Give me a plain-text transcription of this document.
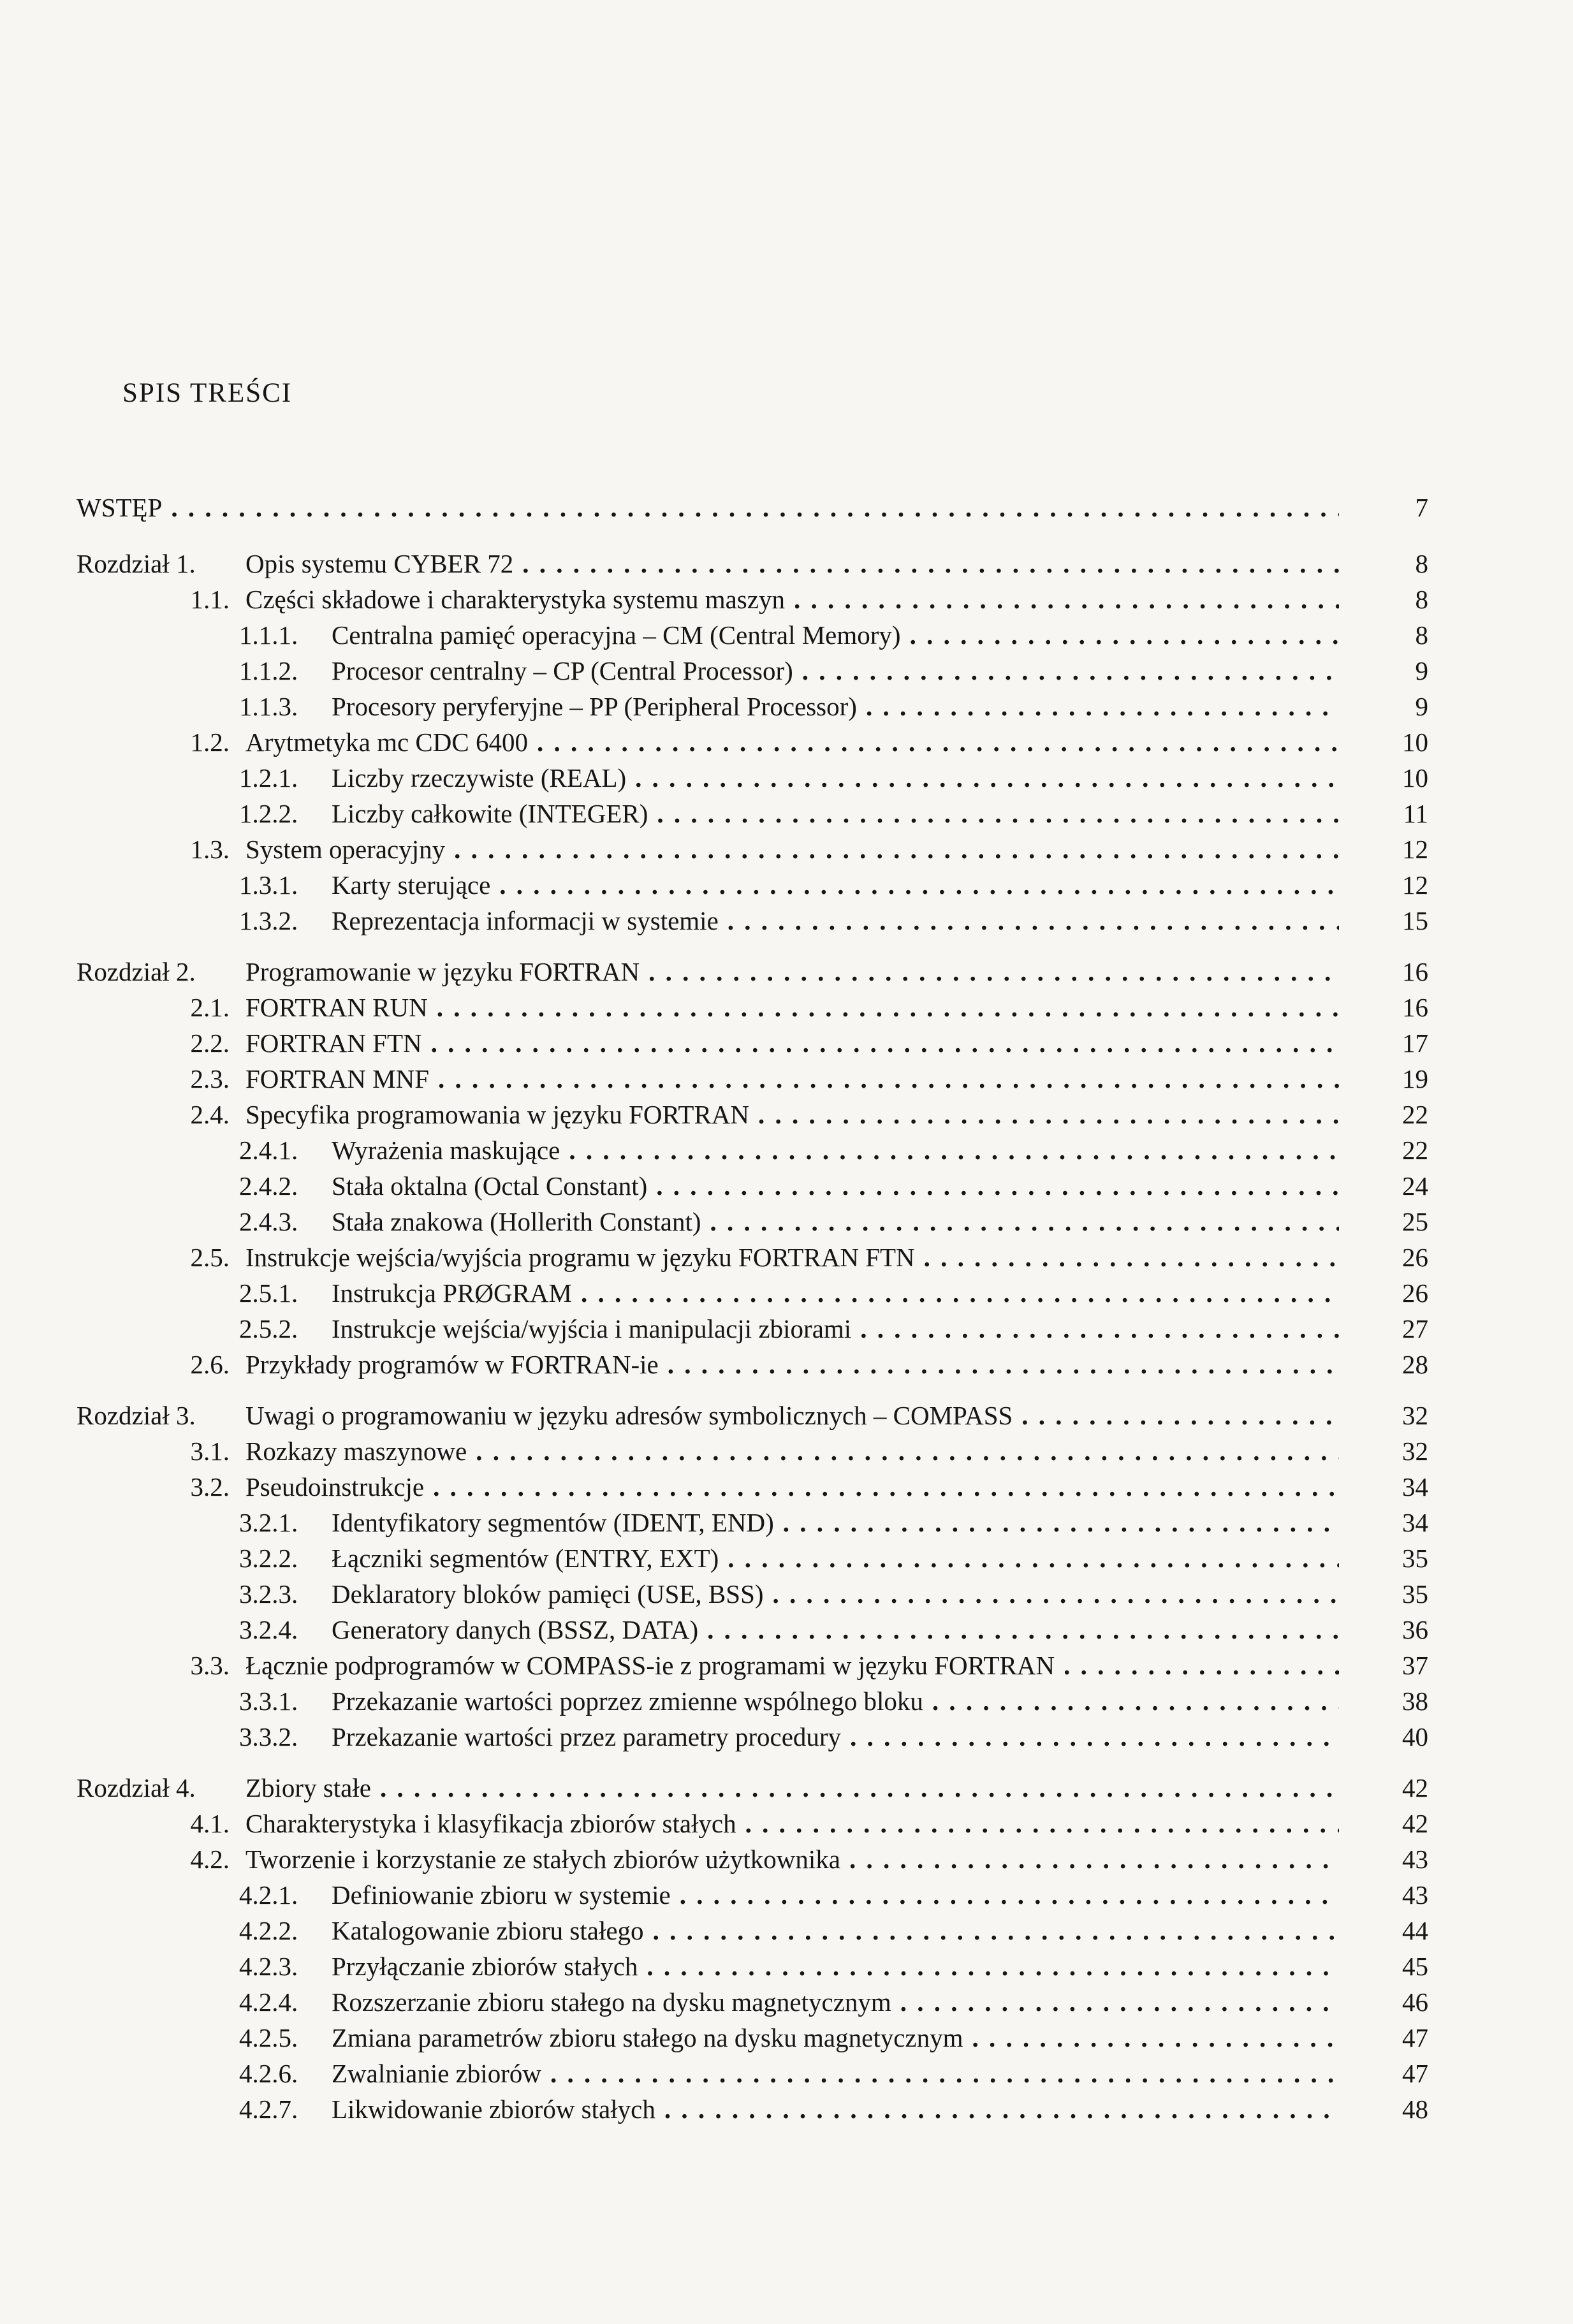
SPIS TREŚCI
WSTĘP . . .	7
Rozdział 1.	Opis systemu CYBER 72 . . .	8
1.1. Części składowe i charakterystyka systemu maszyn . . .	8
1.1.1.	Centralna pamięć operacyjna – CM (Central Memory) . . .	8
1.1.2.	Procesor centralny – CP (Central Processor) . . .	9
1.1.3.	Procesory peryferyjne – PP (Peripheral Processor) . . .	9
1.2. Arytmetyka mc CDC 6400 . . .	10
1.2.1.	Liczby rzeczywiste (REAL) . . .	10
1.2.2.	Liczby całkowite (INTEGER) . . .	11
1.3. System operacyjny . . .	12
1.3.1.	Karty sterujące . . .	12
1.3.2.	Reprezentacja informacji w systemie . . .	15
Rozdział 2.	Programowanie w języku FORTRAN . . .	16
2.1. FORTRAN RUN . . .	16
2.2. FORTRAN FTN . . .	17
2.3. FORTRAN MNF . . .	19
2.4. Specyfika programowania w języku FORTRAN . . .	22
2.4.1.	Wyrażenia maskujące . . .	22
2.4.2.	Stała oktalna (Octal Constant) . . .	24
2.4.3.	Stała znakowa (Hollerith Constant) . . .	25
2.5. Instrukcje wejścia/wyjścia programu w języku FORTRAN FTN . . .	26
2.5.1.	Instrukcja PRØGRAM . . .	26
2.5.2.	Instrukcje wejścia/wyjścia i manipulacji zbiorami . . .	27
2.6. Przykłady programów w FORTRAN-ie . . .	28
Rozdział 3.	Uwagi o programowaniu w języku adresów symbolicznych – COMPASS . . .	32
3.1. Rozkazy maszynowe . . .	32
3.2. Pseudoinstrukcje . . .	34
3.2.1.	Identyfikatory segmentów (IDENT, END) . . .	34
3.2.2.	Łączniki segmentów (ENTRY, EXT) . . .	35
3.2.3.	Deklaratory bloków pamięci (USE, BSS) . . .	35
3.2.4.	Generatory danych (BSSZ, DATA) . . .	36
3.3. Łącznie podprogramów w COMPASS-ie z programami w języku FORTRAN . . .	37
3.3.1.	Przekazanie wartości poprzez zmienne wspólnego bloku . . .	38
3.3.2.	Przekazanie wartości przez parametry procedury . . .	40
Rozdział 4.	Zbiory stałe . . .	42
4.1. Charakterystyka i klasyfikacja zbiorów stałych . . .	42
4.2. Tworzenie i korzystanie ze stałych zbiorów użytkownika . . .	43
4.2.1.	Definiowanie zbioru w systemie . . .	43
4.2.2.	Katalogowanie zbioru stałego . . .	44
4.2.3.	Przyłączanie zbiorów stałych . . .	45
4.2.4.	Rozszerzanie zbioru stałego na dysku magnetycznym . . .	46
4.2.5.	Zmiana parametrów zbioru stałego na dysku magnetycznym . . .	47
4.2.6.	Zwalnianie zbiorów . . .	47
4.2.7.	Likwidowanie zbiorów stałych . . .	48
